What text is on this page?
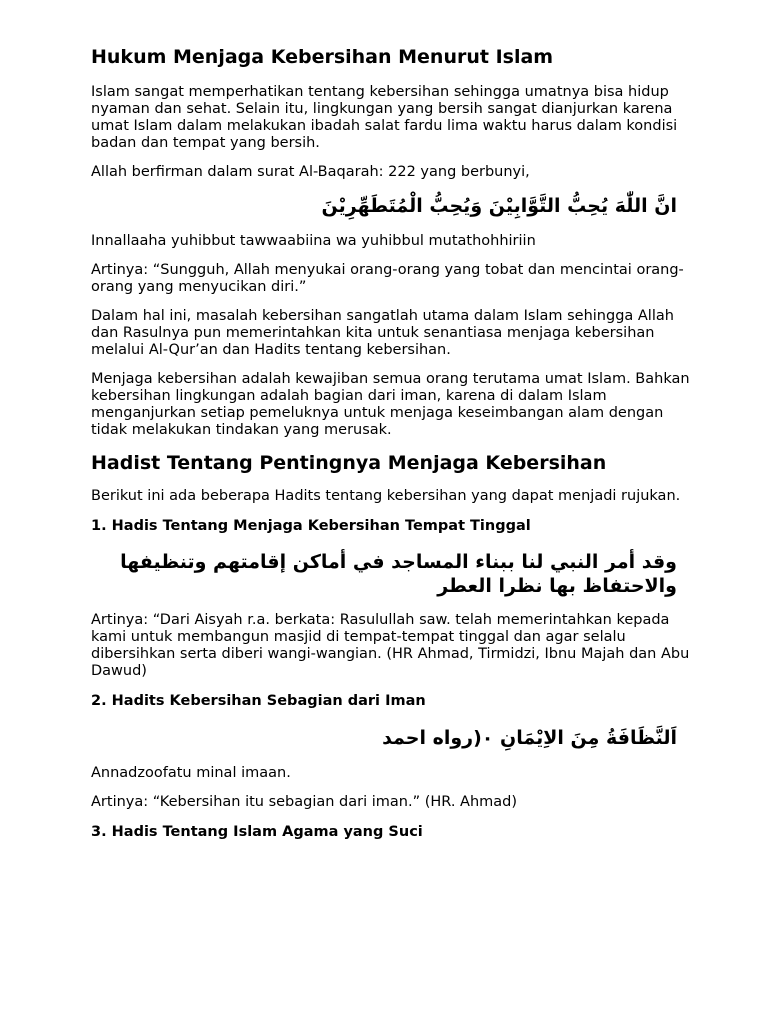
Hukum Menjaga Kebersihan Menurut Islam

Islam sangat memperhatikan tentang kebersihan sehingga umatnya bisa hidup nyaman dan sehat. Selain itu, lingkungan yang bersih sangat dianjurkan karena umat Islam dalam melakukan ibadah salat fardu lima waktu harus dalam kondisi badan dan tempat yang bersih.

Allah berfirman dalam surat Al-Baqarah: 222 yang berbunyi,

انَّ اللّٰهَ يُحِبُّ التَّوَّابِيْنَ وَيُحِبُّ الْمُتَطَهِّرِيْنَ

Innallaaha yuhibbut tawwaabiina wa yuhibbul mutathohhiriin

Artinya: “Sungguh, Allah menyukai orang-orang yang tobat dan mencintai orang-orang yang menyucikan diri.”

Dalam hal ini, masalah kebersihan sangatlah utama dalam Islam sehingga Allah dan Rasulnya pun memerintahkan kita untuk senantiasa menjaga kebersihan melalui Al-Qur’an dan Hadits tentang kebersihan.

Menjaga kebersihan adalah kewajiban semua orang terutama umat Islam. Bahkan kebersihan lingkungan adalah bagian dari iman, karena di dalam Islam menganjurkan setiap pemeluknya untuk menjaga keseimbangan alam dengan tidak melakukan tindakan yang merusak.

Hadist Tentang Pentingnya Menjaga Kebersihan

Berikut ini ada beberapa Hadits tentang kebersihan yang dapat menjadi rujukan.

1. Hadis Tentang Menjaga Kebersihan Tempat Tinggal
وقد أمر النبي لنا ببناء المساجد في أماكن إقامتهم وتنظيفها والاحتفاظ بها نظرا العطر

Artinya: “Dari Aisyah r.a. berkata: Rasulullah saw. telah memerintahkan kepada kami untuk membangun masjid di tempat-tempat tinggal dan agar selalu dibersihkan serta diberi wangi-wangian. (HR Ahmad, Tirmidzi, Ibnu Majah dan Abu Dawud)

2. Hadits Kebersihan Sebagian dari Iman
اَلنَّظَافَةُ مِنَ الاِيْمَانِ ۰(رواه احمد

Annadzoofatu minal imaan.

Artinya: “Kebersihan itu sebagian dari iman.” (HR. Ahmad)

3. Hadis Tentang Islam Agama yang Suci
